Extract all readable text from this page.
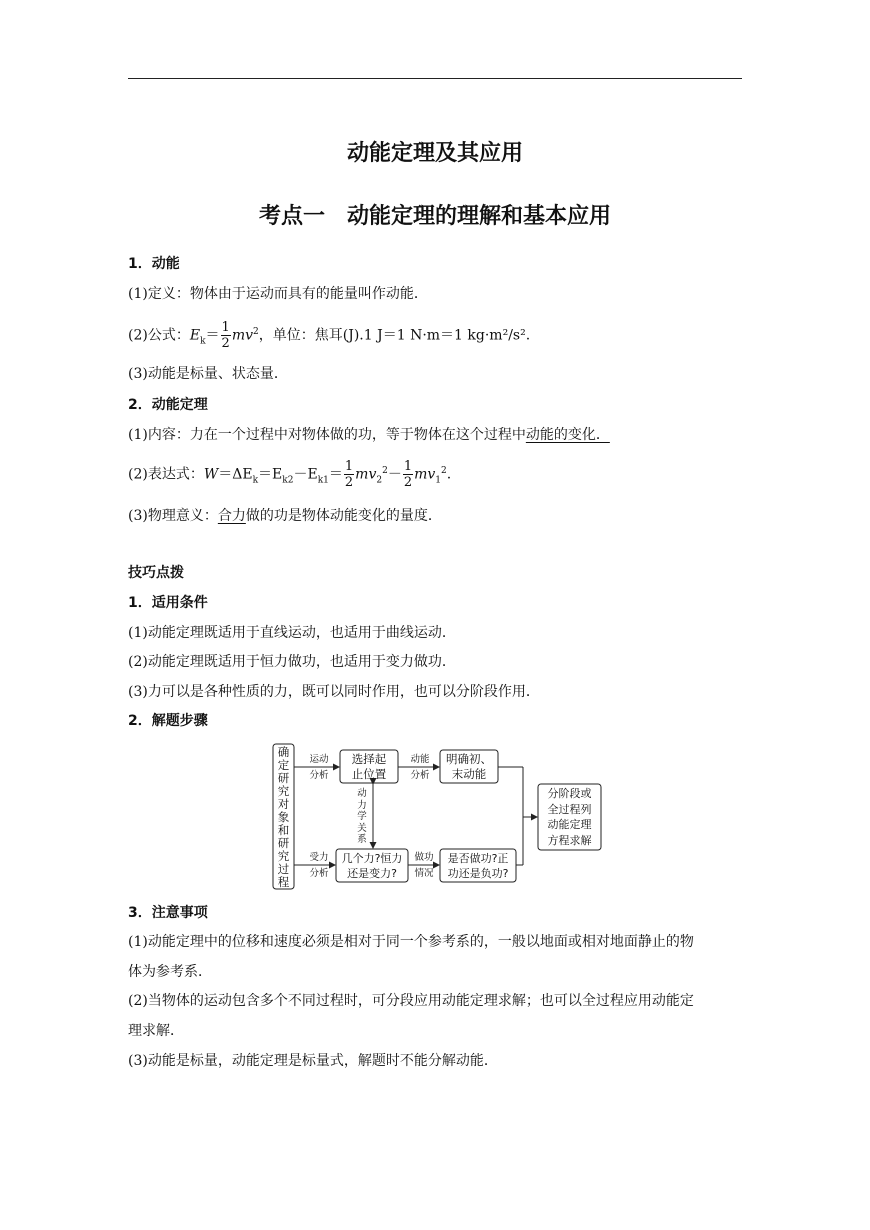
动能定理及其应用
考点一　动能定理的理解和基本应用
1．动能
(1)定义：物体由于运动而具有的能量叫作动能．
(2)公式：$E_k= \frac{1}{2} mv^2$，单位：焦耳(J).1 J＝1 N·m＝1 kg·m²/s².
(3)动能是标量、状态量．
2．动能定理
(1)内容：力在一个过程中对物体做的功，等于物体在这个过程中动能的变化．
(2)表达式：$W=\Delta E_k=E_{k2}-E_{k1}= \frac{1}{2} mv_2^2- \frac{1}{2} mv_1^2$.
(3)物理意义：合力做的功是物体动能变化的量度．
技巧点拨
1．适用条件
(1)动能定理既适用于直线运动，也适用于曲线运动．
(2)动能定理既适用于恒力做功，也适用于变力做功．
(3)力可以是各种性质的力，既可以同时作用，也可以分阶段作用．
2．解题步骤
确
定
研
究
对
象
和
研
究
过
程
运动
分析
选择起
止位置
动能
分析
明确初、
末动能
动
力
学
关
系
受力
分析
几个力?恒力
还是变力?
做功
情况
是否做功?正
功还是负功?
分阶段或
全过程列
动能定理
方程求解
3．注意事项
(1)动能定理中的位移和速度必须是相对于同一个参考系的，一般以地面或相对地面静止的物
体为参考系．
(2)当物体的运动包含多个不同过程时，可分段应用动能定理求解；也可以全过程应用动能定
理求解．
(3)动能是标量，动能定理是标量式，解题时不能分解动能．
